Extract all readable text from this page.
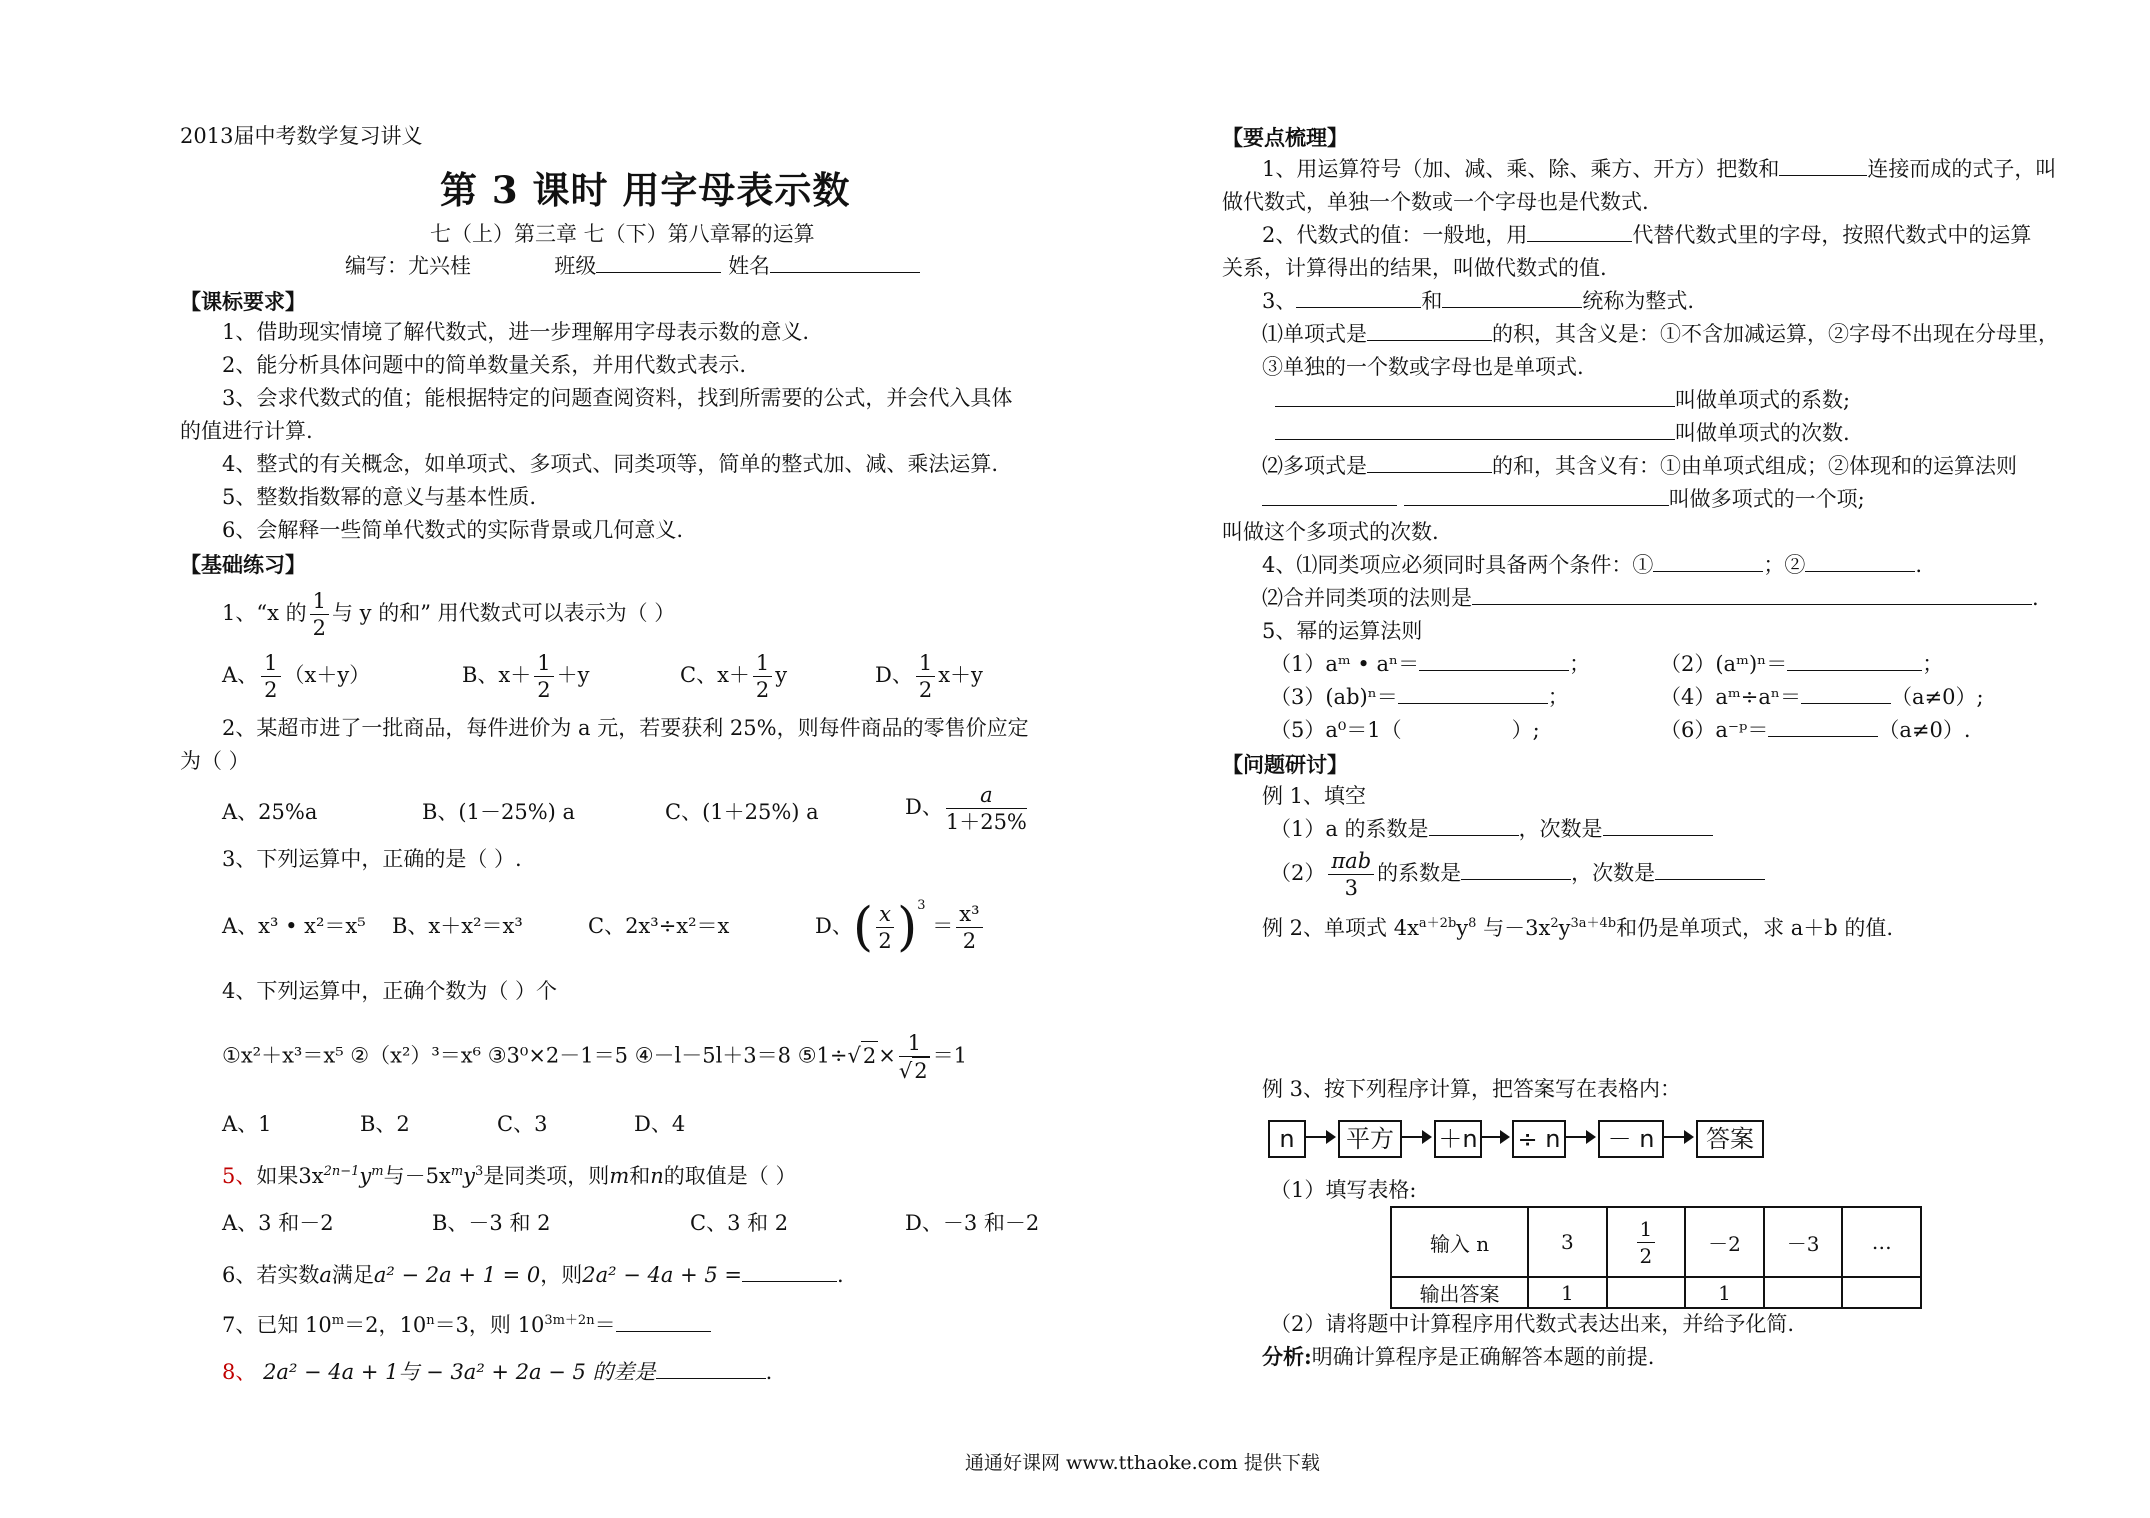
2013届中考数学复习讲义
第 3 课时 用字母表示数
七（上）第三章 七（下）第八章幂的运算
编写：尤兴桂	班级	姓名
【课标要求】
1、借助现实情境了解代数式，进一步理解用字母表示数的意义.
2、能分析具体问题中的简单数量关系，并用代数式表示.
3、会求代数式的值；能根据特定的问题查阅资料，找到所需要的公式，并会代入具体
的值进行计算.
4、整式的有关概念，如单项式、多项式、同类项等，简单的整式加、减、乘法运算.
5、整数指数幂的意义与基本性质.
6、会解释一些简单代数式的实际背景或几何意义.
【基础练习】
1、“x 的 $\frac{1}{2}$ 与 y 的和” 用代数式可以表示为（ ）
A、 $\frac{1}{2} (x+y)$	B、$x+ \frac{1}{2} +y$	C、$x+ \frac{1}{2}$ y	D、 $\frac{1}{2} x+y$
2、某超市进了一批商品，每件进价为 a 元，若要获利 25%，则每件商品的零售价应定
为（ ）
A、25%a	B、(1－25%) a	C、(1＋25%) a	D、 $\frac{a}{1+25\%}$
3、下列运算中，正确的是（ ）.
A、x³ • x²＝x⁵ B、x＋x²＝x³	C、2x³÷x²＝x	D、( $\frac{x}{2} )^3 = \frac{\text{x³}}{2}$
4、下列运算中，正确个数为（ ）个
①x²＋x³＝x⁵ ②（x²）³＝x⁶ ③3⁰×2－1＝5 ④－l－5l＋3＝8 ⑤1÷√2× $\frac{1}{√2} =1$
A、1	B、2	C、3	D、4
5、如果$3x^{2n-1}y^m$与$-5x^my^3$是同类项，则m和n的取值是（ ）
A、3 和－2	B、－3 和 2	C、3 和 2	D、－3 和－2
6、若实数a满足a² − 2a + 1 = 0，则2a² − 4a + 5 =	.
7、已知 $10^m=2$，$10^n=3$，则 $10^{3m+2n}=$
8、 2a² − 4a + 1与 − 3a² + 2a − 5 的差是	.
【要点梳理】
1、用运算符号（加、减、乘、除、乘方、开方）把数和	连接而成的式子，叫
做代数式，单独一个数或一个字母也是代数式.
2、代数式的值：一般地，用	代替代数式里的字母，按照代数式中的运算
关系，计算得出的结果，叫做代数式的值.
3、	和	统称为整式.
⑴单项式是	的积，其含义是：①不含加减运算，②字母不出现在分母里，
③单独的一个数或字母也是单项式.
叫做单项式的系数;
叫做单项式的次数.
⑵多项式是	的和，其含义有：①由单项式组成；②体现和的运算法则
叫做多项式的一个项;
叫做这个多项式的次数.
4、⑴同类项应必须同时具备两个条件：①	；②	.
⑵合并同类项的法则是	.
5、幂的运算法则
（1）aᵐ • aⁿ＝	；	（2）(aᵐ)ⁿ＝	；
（3）(ab)ⁿ＝	；	（4）aᵐ÷aⁿ＝	（a≠0）;
（5）a⁰＝1（	）;	（6）a⁻ᵖ＝	（a≠0）.
【问题研讨】
例 1、填空
（1）a 的系数是	，次数是
$(2) \frac{\text{πab}}{3}$ 的系数是	，次数是
例 2、单项式 $4x^{a+2b}y^8$ 与$-3x^2y^{3a+4b}$和仍是单项式，求 a＋b 的值.
例 3、按下列程序计算，把答案写在表格内：
n	平方	＋n ÷ n	－ n	答案
（1）填写表格:
输入 n	3	$\frac{1}{2}$	－2	－3	…
输出答案	1		1		
（2）请将题中计算程序用代数式表达出来，并给予化简.
分析:明确计算程序是正确解答本题的前提.
通通好课网 www.tthaoke.com 提供下载
